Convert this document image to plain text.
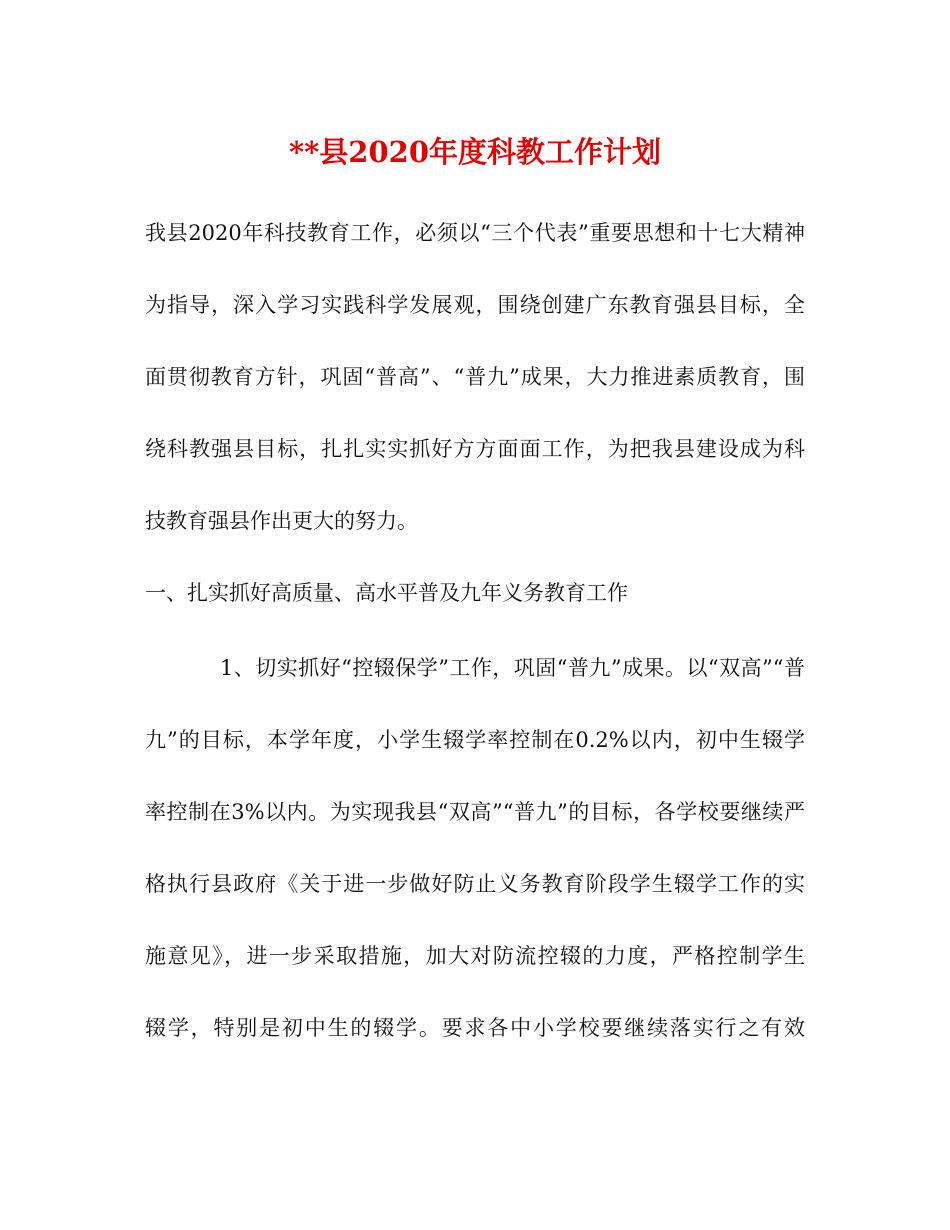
**县2020年度科教工作计划
我县2020年科技教育工作，必须以“三个代表”重要思想和十七大精神
为指导，深入学习实践科学发展观，围绕创建广东教育强县目标，全
面贯彻教育方针，巩固“普高”、“普九”成果，大力推进素质教育，围
绕科教强县目标，扎扎实实抓好方方面面工作，为把我县建设成为科
技教育强县作出更大的努力。
一、扎实抓好高质量、高水平普及九年义务教育工作
1、切实抓好“控辍保学”工作，巩固“普九”成果。以“双高”“普
九”的目标，本学年度，小学生辍学率控制在0.2%以内，初中生辍学
率控制在3%以内。为实现我县“双高”“普九”的目标，各学校要继续严
格执行县政府《关于进一步做好防止义务教育阶段学生辍学工作的实
施意见》，进一步采取措施，加大对防流控辍的力度，严格控制学生
辍学，特别是初中生的辍学。要求各中小学校要继续落实行之有效
